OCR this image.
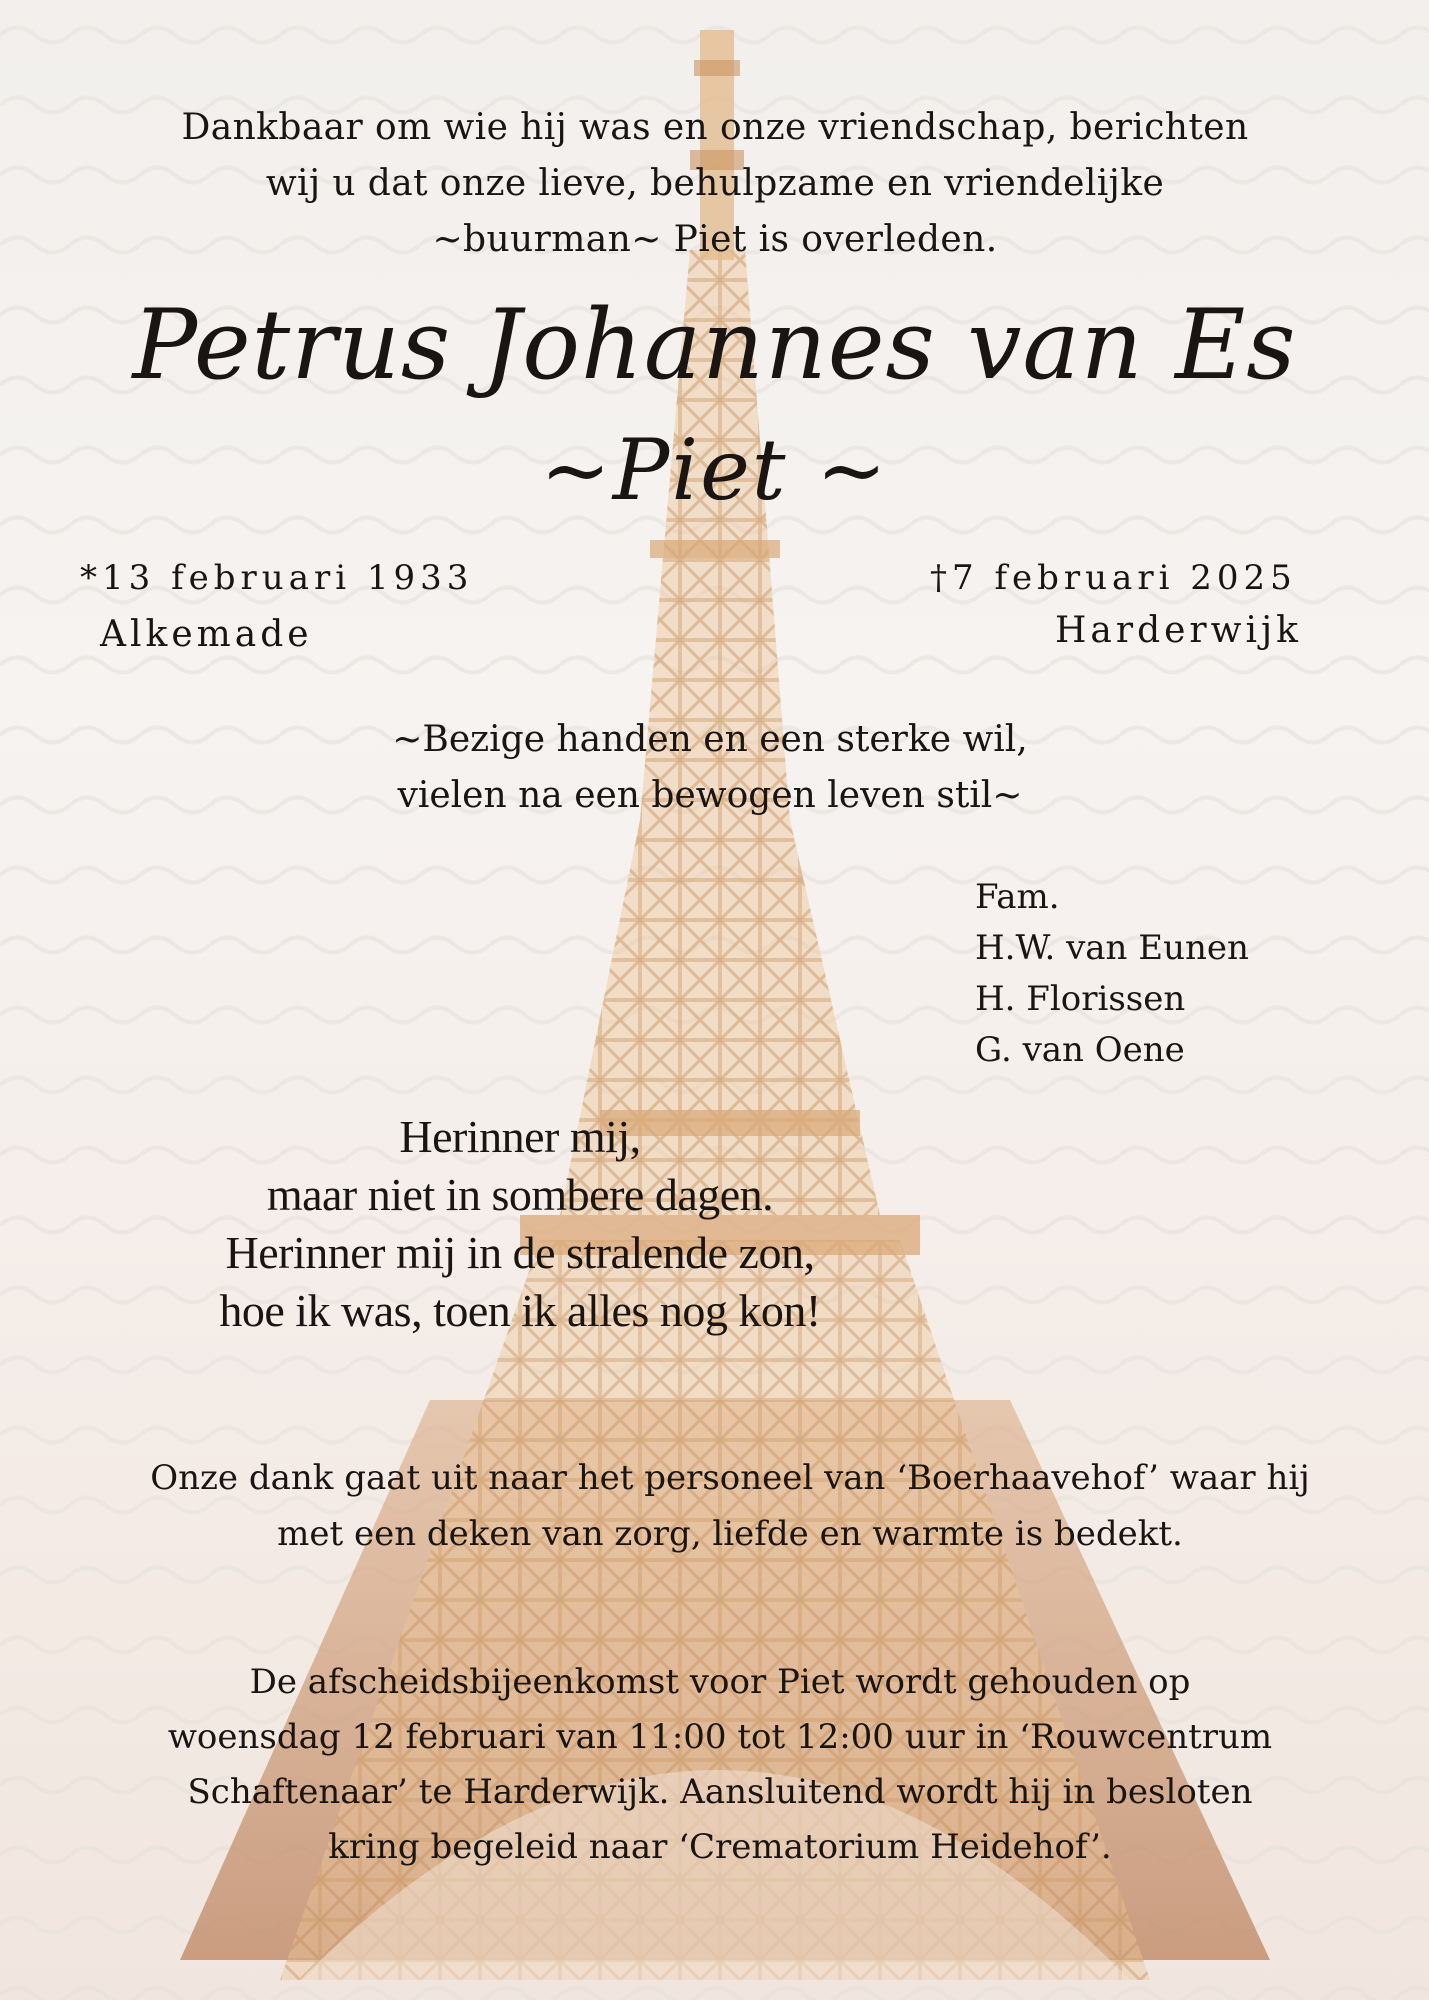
Dankbaar om wie hij was en onze vriendschap, berichten
wij u dat onze lieve, behulpzame en vriendelijke
~buurman~ Piet is overleden.
Petrus Johannes van Es
~Piet ~
*13 februari 1933
Alkemade
†7 februari 2025
Harderwijk
~Bezige handen en een sterke wil,
vielen na een bewogen leven stil~
Fam.
H.W. van Eunen
H. Florissen
G. van Oene
Herinner mij,
maar niet in sombere dagen.
Herinner mij in de stralende zon,
hoe ik was, toen ik alles nog kon!
Onze dank gaat uit naar het personeel van ‘Boerhaavehof’ waar hij
met een deken van zorg, liefde en warmte is bedekt.
De afscheidsbijeenkomst voor Piet wordt gehouden op
woensdag 12 februari van 11:00 tot 12:00 uur in ‘Rouwcentrum
Schaftenaar’ te Harderwijk. Aansluitend wordt hij in besloten
kring begeleid naar ‘Crematorium Heidehof’.
